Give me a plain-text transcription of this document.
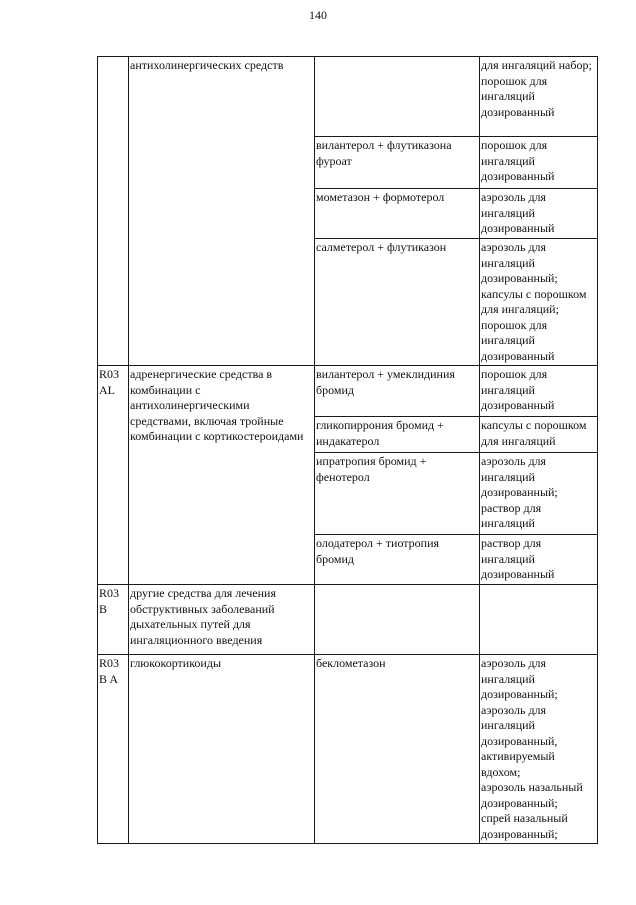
140
	антихолинергических средств		для ингаляций набор;
порошок для ингаляций дозированный
		вилантерол + флутиказона фуроат	порошок для ингаляций дозированный
		мометазон + формотерол	аэрозоль для ингаляций дозированный
		салметерол + флутиказон	аэрозоль для ингаляций дозированный;
капсулы с порошком для ингаляций;
порошок для ингаляций дозированный
R03 AL	адренергические средства в комбинации с антихолинергическими средствами, включая тройные комбинации с кортикостероидами	вилантерол + умеклидиния бромид	порошок для ингаляций дозированный
		гликопиррония бромид + индакатерол	капсулы с порошком для ингаляций
		ипратропия бромид + фенотерол	аэрозоль для ингаляций дозированный;
раствор для ингаляций
		олодатерол + тиотропия бромид	раствор для ингаляций дозированный
R03B	другие средства для лечения обструктивных заболеваний дыхательных путей для ингаляционного введения		
R03B A	глюкокортикоиды	беклометазон	аэрозоль для ингаляций дозированный;
аэрозоль для ингаляций дозированный, активируемый вдохом;
аэрозоль назальный дозированный;
спрей назальный дозированный;
